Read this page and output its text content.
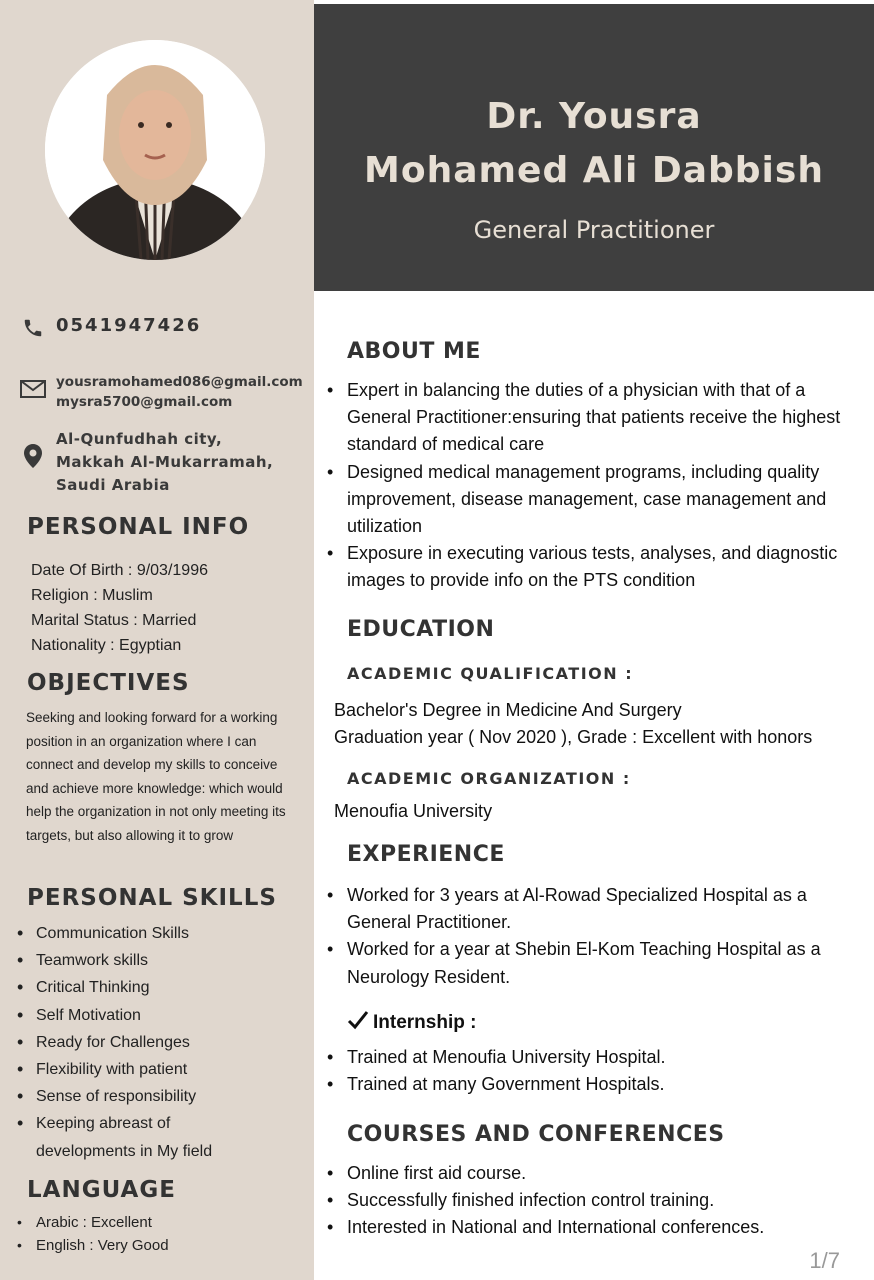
Dr. Yousra
Mohamed Ali Dabbish
General Practitioner
0541947426
yousramohamed086@gmail.com
mysra5700@gmail.com
Al-Qunfudhah city,
Makkah Al-Mukarramah,
Saudi Arabia
PERSONAL INFO
Date Of Birth : 9/03/1996
Religion : Muslim
Marital Status : Married
Nationality : Egyptian
OBJECTIVES
Seeking and looking forward for a working position in an organization where I can connect and develop my skills to conceive and achieve more knowledge: which would help the organization in not only meeting its targets, but also allowing it to grow
PERSONAL SKILLS
• Communication Skills
• Teamwork skills
• Critical Thinking
• Self Motivation
• Ready for Challenges
• Flexibility with patient
• Sense of responsibility
• Keeping abreast of developments in My field
LANGUAGE
• Arabic : Excellent
• English : Very Good
ABOUT ME
• Expert in balancing the duties of a physician with that of a General Practitioner:ensuring that patients receive the highest standard of medical care
• Designed medical management programs, including quality improvement, disease management, case management and utilization
• Exposure in executing various tests, analyses, and diagnostic images to provide info on the PTS condition
EDUCATION
ACADEMIC QUALIFICATION :
Bachelor's Degree in Medicine And Surgery
Graduation year ( Nov 2020 ), Grade : Excellent with honors
ACADEMIC ORGANIZATION :
Menoufia University
EXPERIENCE
• Worked for 3 years at Al-Rowad Specialized Hospital as a General Practitioner.
• Worked for a year at Shebin El-Kom Teaching Hospital as a Neurology Resident.
Internship :
• Trained at Menoufia University Hospital.
• Trained at many Government Hospitals.
COURSES AND CONFERENCES
• Online first aid course.
• Successfully finished infection control training.
• Interested in National and International conferences.
1/7
